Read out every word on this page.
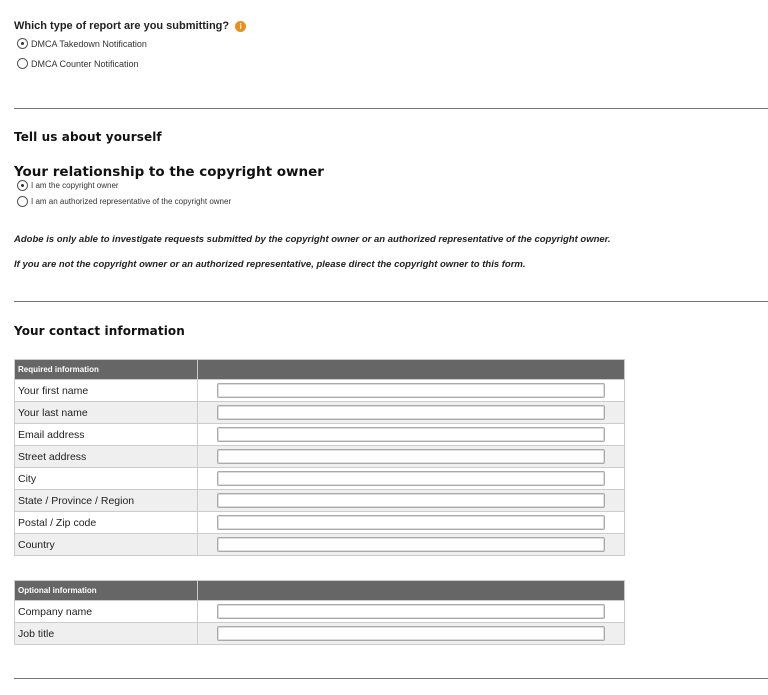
Which type of report are you submitting? i
DMCA Takedown Notification
DMCA Counter Notification
Tell us about yourself
Your relationship to the copyright owner
I am the copyright owner
I am an authorized representative of the copyright owner
Adobe is only able to investigate requests submitted by the copyright owner or an authorized representative of the copyright owner.
If you are not the copyright owner or an authorized representative, please direct the copyright owner to this form.
Your contact information
Required information	
Your first name	

Your last name	

Email address	

Street address	

City	

State / Province / Region	

Postal / Zip code	

Country	
Optional information	
Company name	

Job title	
